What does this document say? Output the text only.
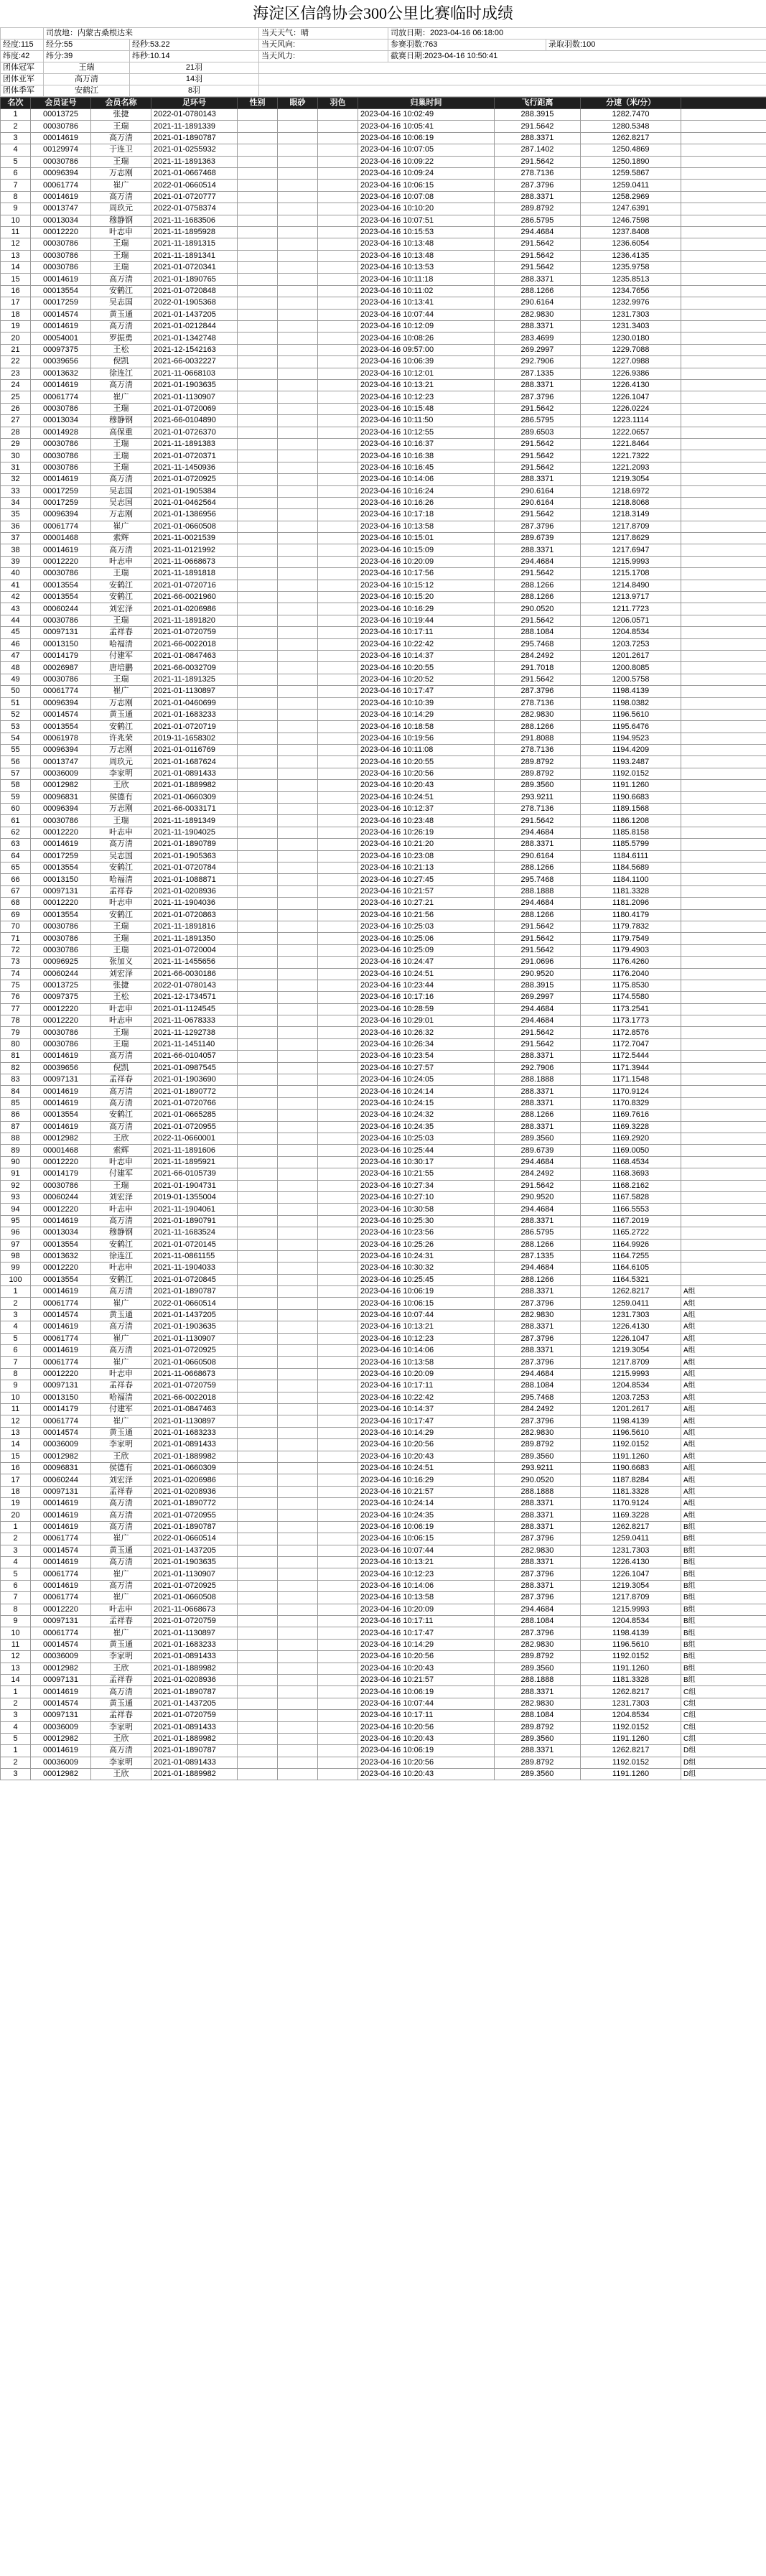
海淀区信鸽协会300公里比赛临时成绩
	司放地：内蒙古桑根达来		当天天气：晴	司放日期：2023-04-16 06:18:00	
经度:115	经分:55	经秒:53.22	当天风向:	参赛羽数:763	录取羽数:100
纬度:42	纬分:39	纬秒:10.14	当天风力:	截赛日期:2023-04-16 10:50:41	
团体冠军	王瑞	21羽			
团体亚军	高万清	14羽			
团体季军	安鹤江	8羽			
名次	会员证号	会员名称	足环号	性别	眼砂	羽色	归巢时间	飞行距离	分速（米/分）	
1	00013725	张捷	2022-01-0780143				2023-04-16 10:02:49	288.3915	1282.7470	
2	00030786	王瑞	2021-11-1891339				2023-04-16 10:05:41	291.5642	1280.5348	
3	00014619	高万清	2021-01-1890787				2023-04-16 10:06:19	288.3371	1262.8217	
4	00129974	于连卫	2021-01-0255932				2023-04-16 10:07:05	287.1402	1250.4869	
5	00030786	王瑞	2021-11-1891363				2023-04-16 10:09:22	291.5642	1250.1890	
6	00096394	万志刚	2021-01-0667468				2023-04-16 10:09:24	278.7136	1259.5867	
7	00061774	崔广	2022-01-0660514				2023-04-16 10:06:15	287.3796	1259.0411	
8	00014619	高万清	2021-01-0720777				2023-04-16 10:07:08	288.3371	1258.2969	
9	00013747	周玖元	2022-01-0758374				2023-04-16 10:10:20	289.8792	1247.6391	
10	00013034	穆静钢	2021-11-1683506				2023-04-16 10:07:51	286.5795	1246.7598	
11	00012220	叶志申	2021-11-1895928				2023-04-16 10:15:53	294.4684	1237.8408	
12	00030786	王瑞	2021-11-1891315				2023-04-16 10:13:48	291.5642	1236.6054	
13	00030786	王瑞	2021-11-1891341				2023-04-16 10:13:48	291.5642	1236.4135	
14	00030786	王瑞	2021-01-0720341				2023-04-16 10:13:53	291.5642	1235.9758	
15	00014619	高万清	2021-01-1890765				2023-04-16 10:11:18	288.3371	1235.8513	
16	00013554	安鹤江	2021-01-0720848				2023-04-16 10:11:02	288.1266	1234.7656	
17	00017259	吴志国	2022-01-1905368				2023-04-16 10:13:41	290.6164	1232.9976	
18	00014574	黄玉通	2021-01-1437205				2023-04-16 10:07:44	282.9830	1231.7303	
19	00014619	高万清	2021-01-0212844				2023-04-16 10:12:09	288.3371	1231.3403	
20	00054001	罗振勇	2021-01-1342748				2023-04-16 10:08:26	283.4699	1230.0180	
21	00097375	王松	2021-12-1542163				2023-04-16 09:57:00	269.2997	1229.7088	
22	00039656	倪凯	2021-66-0032227				2023-04-16 10:06:39	292.7906	1227.0988	
23	00013632	徐连江	2021-11-0668103				2023-04-16 10:12:01	287.1335	1226.9386	
24	00014619	高万清	2021-01-1903635				2023-04-16 10:13:21	288.3371	1226.4130	
25	00061774	崔广	2021-01-1130907				2023-04-16 10:12:23	287.3796	1226.1047	
26	00030786	王瑞	2021-01-0720069				2023-04-16 10:15:48	291.5642	1226.0224	
27	00013034	穆静钢	2021-66-0104890				2023-04-16 10:11:50	286.5795	1223.1114	
28	00014928	高保重	2021-01-0726370				2023-04-16 10:12:55	289.6503	1222.0657	
29	00030786	王瑞	2021-11-1891383				2023-04-16 10:16:37	291.5642	1221.8464	
30	00030786	王瑞	2021-01-0720371				2023-04-16 10:16:38	291.5642	1221.7322	
31	00030786	王瑞	2021-11-1450936				2023-04-16 10:16:45	291.5642	1221.2093	
32	00014619	高万清	2021-01-0720925				2023-04-16 10:14:06	288.3371	1219.3054	
33	00017259	吴志国	2021-01-1905384				2023-04-16 10:16:24	290.6164	1218.6972	
34	00017259	吴志国	2021-01-0462564				2023-04-16 10:16:26	290.6164	1218.8068	
35	00096394	万志刚	2021-01-1386956				2023-04-16 10:17:18	291.5642	1218.3149	
36	00061774	崔广	2021-01-0660508				2023-04-16 10:13:58	287.3796	1217.8709	
37	00001468	索辉	2021-11-0021539				2023-04-16 10:15:01	289.6739	1217.8629	
38	00014619	高万清	2021-11-0121992				2023-04-16 10:15:09	288.3371	1217.6947	
39	00012220	叶志申	2021-11-0668673				2023-04-16 10:20:09	294.4684	1215.9993	
40	00030786	王瑞	2021-11-1891818				2023-04-16 10:17:56	291.5642	1215.1708	
41	00013554	安鹤江	2021-01-0720716				2023-04-16 10:15:12	288.1266	1214.8490	
42	00013554	安鹤江	2021-66-0021960				2023-04-16 10:15:20	288.1266	1213.9717	
43	00060244	刘宏泽	2021-01-0206986				2023-04-16 10:16:29	290.0520	1211.7723	
44	00030786	王瑞	2021-11-1891820				2023-04-16 10:19:44	291.5642	1206.0571	
45	00097131	孟祥春	2021-01-0720759				2023-04-16 10:17:11	288.1084	1204.8534	
46	00013150	哈福清	2021-66-0022018				2023-04-16 10:22:42	295.7468	1203.7253	
47	00014179	付建军	2021-01-0847463				2023-04-16 10:14:37	284.2492	1201.2617	
48	00026987	唐培鹏	2021-66-0032709				2023-04-16 10:20:55	291.7018	1200.8085	
49	00030786	王瑞	2021-11-1891325				2023-04-16 10:20:52	291.5642	1200.5758	
50	00061774	崔广	2021-01-1130897				2023-04-16 10:17:47	287.3796	1198.4139	
51	00096394	万志刚	2021-01-0460699				2023-04-16 10:10:39	278.7136	1198.0382	
52	00014574	黄玉通	2021-01-1683233				2023-04-16 10:14:29	282.9830	1196.5610	
53	00013554	安鹤江	2021-01-0720719				2023-04-16 10:18:58	288.1266	1195.6476	
54	00061978	许兆荣	2019-11-1658302				2023-04-16 10:19:56	291.8088	1194.9523	
55	00096394	万志刚	2021-01-0116769				2023-04-16 10:11:08	278.7136	1194.4209	
56	00013747	周玖元	2021-01-1687624				2023-04-16 10:20:55	289.8792	1193.2487	
57	00036009	李家明	2021-01-0891433				2023-04-16 10:20:56	289.8792	1192.0152	
58	00012982	王欣	2021-01-1889982				2023-04-16 10:20:43	289.3560	1191.1260	
59	00096831	侯德有	2021-01-0660309				2023-04-16 10:24:51	293.9211	1190.6683	
60	00096394	万志刚	2021-66-0033171				2023-04-16 10:12:37	278.7136	1189.1568	
61	00030786	王瑞	2021-11-1891349				2023-04-16 10:23:48	291.5642	1186.1208	
62	00012220	叶志申	2021-11-1904025				2023-04-16 10:26:19	294.4684	1185.8158	
63	00014619	高万清	2021-01-1890789				2023-04-16 10:21:20	288.3371	1185.5799	
64	00017259	吴志国	2021-01-1905363				2023-04-16 10:23:08	290.6164	1184.6111	
65	00013554	安鹤江	2021-01-0720784				2023-04-16 10:21:13	288.1266	1184.5689	
66	00013150	哈福清	2021-01-1088871				2023-04-16 10:27:45	295.7468	1184.1100	
67	00097131	孟祥春	2021-01-0208936				2023-04-16 10:21:57	288.1888	1181.3328	
68	00012220	叶志申	2021-11-1904036				2023-04-16 10:27:21	294.4684	1181.2096	
69	00013554	安鹤江	2021-01-0720863				2023-04-16 10:21:56	288.1266	1180.4179	
70	00030786	王瑞	2021-11-1891816				2023-04-16 10:25:03	291.5642	1179.7832	
71	00030786	王瑞	2021-11-1891350				2023-04-16 10:25:06	291.5642	1179.7549	
72	00030786	王瑞	2021-01-0720004				2023-04-16 10:25:09	291.5642	1179.4903	
73	00096925	张加义	2021-11-1455656				2023-04-16 10:24:47	291.0696	1176.4260	
74	00060244	刘宏泽	2021-66-0030186				2023-04-16 10:24:51	290.9520	1176.2040	
75	00013725	张捷	2022-01-0780143				2023-04-16 10:23:44	288.3915	1175.8530	
76	00097375	王松	2021-12-1734571				2023-04-16 10:17:16	269.2997	1174.5580	
77	00012220	叶志申	2021-01-1124545				2023-04-16 10:28:59	294.4684	1173.2541	
78	00012220	叶志申	2021-11-0678333				2023-04-16 10:29:01	294.4684	1173.1773	
79	00030786	王瑞	2021-11-1292738				2023-04-16 10:26:32	291.5642	1172.8576	
80	00030786	王瑞	2021-11-1451140				2023-04-16 10:26:34	291.5642	1172.7047	
81	00014619	高万清	2021-66-0104057				2023-04-16 10:23:54	288.3371	1172.5444	
82	00039656	倪凯	2021-01-0987545				2023-04-16 10:27:57	292.7906	1171.3944	
83	00097131	孟祥春	2021-01-1903690				2023-04-16 10:24:05	288.1888	1171.1548	
84	00014619	高万清	2021-01-1890772				2023-04-16 10:24:14	288.3371	1170.9124	
85	00014619	高万清	2021-01-0720766				2023-04-16 10:24:15	288.3371	1170.8329	
86	00013554	安鹤江	2021-01-0665285				2023-04-16 10:24:32	288.1266	1169.7616	
87	00014619	高万清	2021-01-0720955				2023-04-16 10:24:35	288.3371	1169.3228	
88	00012982	王欣	2022-11-0660001				2023-04-16 10:25:03	289.3560	1169.2920	
89	00001468	索辉	2021-11-1891606				2023-04-16 10:25:44	289.6739	1169.0050	
90	00012220	叶志申	2021-11-1895921				2023-04-16 10:30:17	294.4684	1168.4534	
91	00014179	付建军	2021-66-0105739				2023-04-16 10:21:55	284.2492	1168.3693	
92	00030786	王瑞	2021-01-1904731				2023-04-16 10:27:34	291.5642	1168.2162	
93	00060244	刘宏泽	2019-01-1355004				2023-04-16 10:27:10	290.9520	1167.5828	
94	00012220	叶志申	2021-11-1904061				2023-04-16 10:30:58	294.4684	1166.5553	
95	00014619	高万清	2021-01-1890791				2023-04-16 10:25:30	288.3371	1167.2019	
96	00013034	穆静钢	2021-11-1683524				2023-04-16 10:23:56	286.5795	1165.2722	
97	00013554	安鹤江	2021-01-0720145				2023-04-16 10:25:26	288.1266	1164.9926	
98	00013632	徐连江	2021-11-0861155				2023-04-16 10:24:31	287.1335	1164.7255	
99	00012220	叶志申	2021-11-1904033				2023-04-16 10:30:32	294.4684	1164.6105	
100	00013554	安鹤江	2021-01-0720845				2023-04-16 10:25:45	288.1266	1164.5321	
1	00014619	高万清	2021-01-1890787				2023-04-16 10:06:19	288.3371	1262.8217	A组
2	00061774	崔广	2022-01-0660514				2023-04-16 10:06:15	287.3796	1259.0411	A组
3	00014574	黄玉通	2021-01-1437205				2023-04-16 10:07:44	282.9830	1231.7303	A组
4	00014619	高万清	2021-01-1903635				2023-04-16 10:13:21	288.3371	1226.4130	A组
5	00061774	崔广	2021-01-1130907				2023-04-16 10:12:23	287.3796	1226.1047	A组
6	00014619	高万清	2021-01-0720925				2023-04-16 10:14:06	288.3371	1219.3054	A组
7	00061774	崔广	2021-01-0660508				2023-04-16 10:13:58	287.3796	1217.8709	A组
8	00012220	叶志申	2021-11-0668673				2023-04-16 10:20:09	294.4684	1215.9993	A组
9	00097131	孟祥春	2021-01-0720759				2023-04-16 10:17:11	288.1084	1204.8534	A组
10	00013150	哈福清	2021-66-0022018				2023-04-16 10:22:42	295.7468	1203.7253	A组
11	00014179	付建军	2021-01-0847463				2023-04-16 10:14:37	284.2492	1201.2617	A组
12	00061774	崔广	2021-01-1130897				2023-04-16 10:17:47	287.3796	1198.4139	A组
13	00014574	黄玉通	2021-01-1683233				2023-04-16 10:14:29	282.9830	1196.5610	A组
14	00036009	李家明	2021-01-0891433				2023-04-16 10:20:56	289.8792	1192.0152	A组
15	00012982	王欣	2021-01-1889982				2023-04-16 10:20:43	289.3560	1191.1260	A组
16	00096831	侯德有	2021-01-0660309				2023-04-16 10:24:51	293.9211	1190.6683	A组
17	00060244	刘宏泽	2021-01-0206986				2023-04-16 10:16:29	290.0520	1187.8284	A组
18	00097131	孟祥春	2021-01-0208936				2023-04-16 10:21:57	288.1888	1181.3328	A组
19	00014619	高万清	2021-01-1890772				2023-04-16 10:24:14	288.3371	1170.9124	A组
20	00014619	高万清	2021-01-0720955				2023-04-16 10:24:35	288.3371	1169.3228	A组
1	00014619	高万清	2021-01-1890787				2023-04-16 10:06:19	288.3371	1262.8217	B组
2	00061774	崔广	2022-01-0660514				2023-04-16 10:06:15	287.3796	1259.0411	B组
3	00014574	黄玉通	2021-01-1437205				2023-04-16 10:07:44	282.9830	1231.7303	B组
4	00014619	高万清	2021-01-1903635				2023-04-16 10:13:21	288.3371	1226.4130	B组
5	00061774	崔广	2021-01-1130907				2023-04-16 10:12:23	287.3796	1226.1047	B组
6	00014619	高万清	2021-01-0720925				2023-04-16 10:14:06	288.3371	1219.3054	B组
7	00061774	崔广	2021-01-0660508				2023-04-16 10:13:58	287.3796	1217.8709	B组
8	00012220	叶志申	2021-11-0668673				2023-04-16 10:20:09	294.4684	1215.9993	B组
9	00097131	孟祥春	2021-01-0720759				2023-04-16 10:17:11	288.1084	1204.8534	B组
10	00061774	崔广	2021-01-1130897				2023-04-16 10:17:47	287.3796	1198.4139	B组
11	00014574	黄玉通	2021-01-1683233				2023-04-16 10:14:29	282.9830	1196.5610	B组
12	00036009	李家明	2021-01-0891433				2023-04-16 10:20:56	289.8792	1192.0152	B组
13	00012982	王欣	2021-01-1889982				2023-04-16 10:20:43	289.3560	1191.1260	B组
14	00097131	孟祥春	2021-01-0208936				2023-04-16 10:21:57	288.1888	1181.3328	B组
1	00014619	高万清	2021-01-1890787				2023-04-16 10:06:19	288.3371	1262.8217	C组
2	00014574	黄玉通	2021-01-1437205				2023-04-16 10:07:44	282.9830	1231.7303	C组
3	00097131	孟祥春	2021-01-0720759				2023-04-16 10:17:11	288.1084	1204.8534	C组
4	00036009	李家明	2021-01-0891433				2023-04-16 10:20:56	289.8792	1192.0152	C组
5	00012982	王欣	2021-01-1889982				2023-04-16 10:20:43	289.3560	1191.1260	C组
1	00014619	高万清	2021-01-1890787				2023-04-16 10:06:19	288.3371	1262.8217	D组
2	00036009	李家明	2021-01-0891433				2023-04-16 10:20:56	289.8792	1192.0152	D组
3	00012982	王欣	2021-01-1889982				2023-04-16 10:20:43	289.3560	1191.1260	D组
